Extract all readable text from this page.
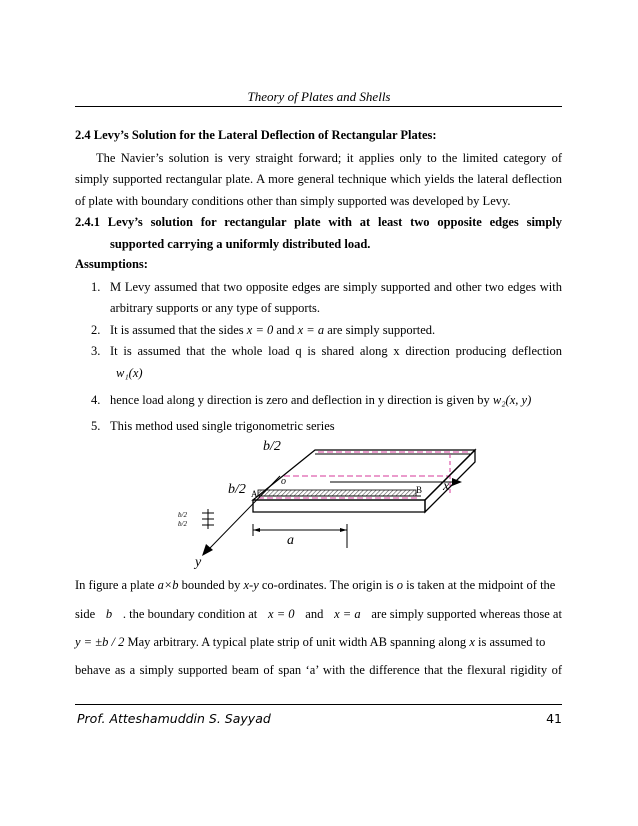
Theory of Plates and Shells
2.4 Levy’s Solution for the Lateral Deflection of Rectangular Plates:
The Navier’s solution is very straight forward; it applies only to the limited category of
simply supported rectangular plate. A more general technique which yields the lateral deflection
of plate with boundary conditions other than simply supported was developed by Levy.
2.4.1 Levy’s solution for rectangular plate with at least two opposite edges simply
supported carrying a uniformly distributed load.
Assumptions:
1. M Levy assumed that two opposite edges are simply supported and other two edges with
arbitrary supports or any type of supports.
2. It is assumed that the sides x = 0 and x = a are simply supported.
3. It is assumed that the whole load q is shared along x direction producing deflection
w₁(x)
4. hence load along y direction is zero and deflection in y direction is given by w₂(x, y)
5. This method used single trigonometric series
b/2
b/2
o
A	B x
y
a
b/2
b/2
In figure a plate a×b bounded by x-y co-ordinates. The origin is o is taken at the midpoint of the
side b . the boundary condition at x = 0 and x = a are simply supported whereas those at
y = ±b / 2 May arbitrary. A typical plate strip of unit width AB spanning along x is assumed to
behave as a simply supported beam of span ‘a’ with the difference that the flexural rigidity of
Prof. Atteshamuddin S. Sayyad	41
